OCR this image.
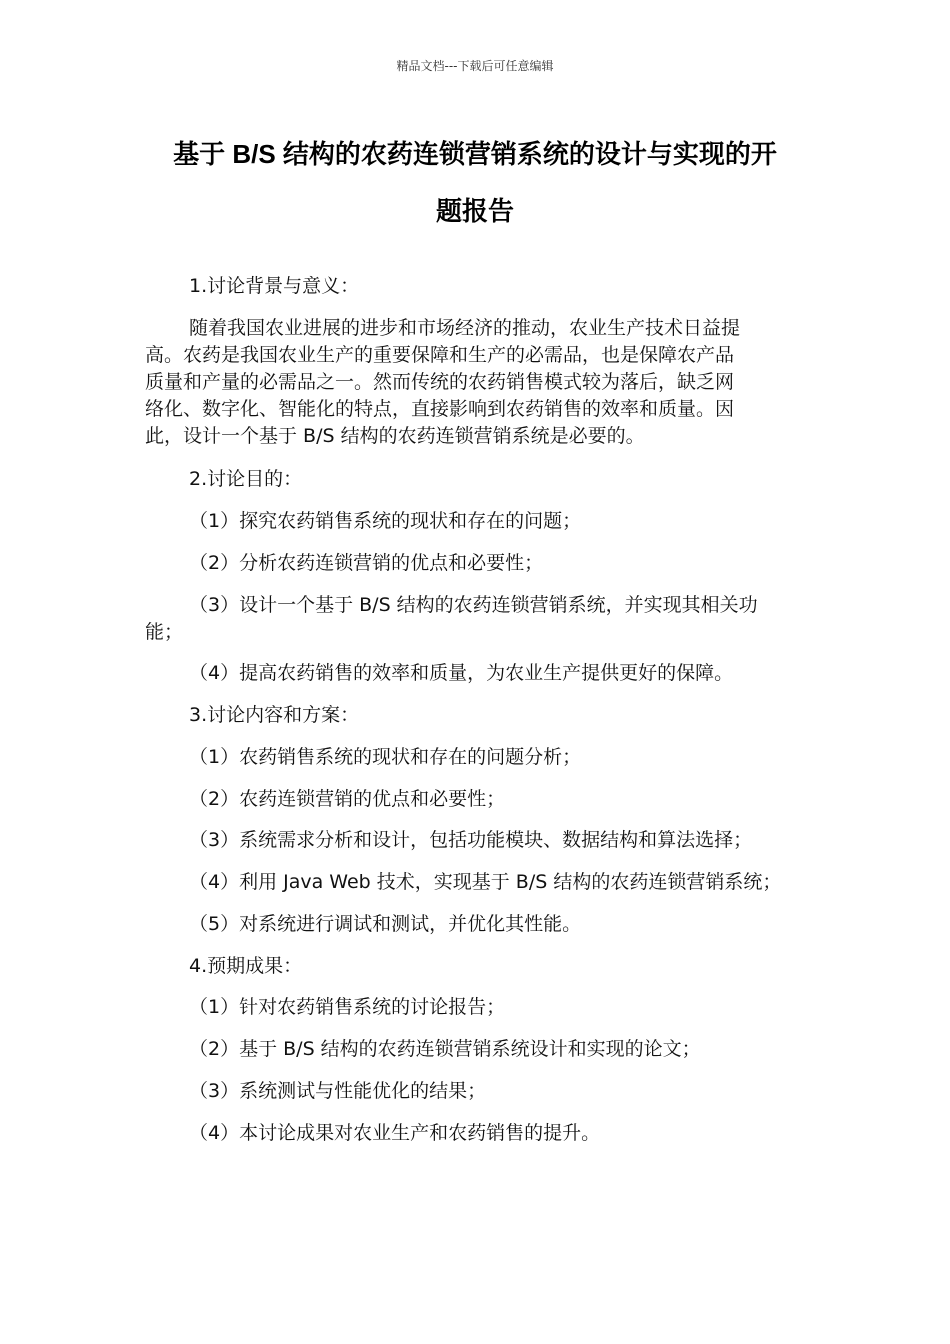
精品文档---下载后可任意编辑
基于 B/S 结构的农药连锁营销系统的设计与实现的开
题报告
1.讨论背景与意义：
随着我国农业进展的进步和市场经济的推动，农业生产技术日益提
高。农药是我国农业生产的重要保障和生产的必需品，也是保障农产品
质量和产量的必需品之一。然而传统的农药销售模式较为落后，缺乏网
络化、数字化、智能化的特点，直接影响到农药销售的效率和质量。因
此，设计一个基于 B/S 结构的农药连锁营销系统是必要的。
2.讨论目的：
（1）探究农药销售系统的现状和存在的问题；
（2）分析农药连锁营销的优点和必要性；
（3）设计一个基于 B/S 结构的农药连锁营销系统，并实现其相关功
能；
（4）提高农药销售的效率和质量，为农业生产提供更好的保障。
3.讨论内容和方案：
（1）农药销售系统的现状和存在的问题分析；
（2）农药连锁营销的优点和必要性；
（3）系统需求分析和设计，包括功能模块、数据结构和算法选择；
（4）利用 Java Web 技术，实现基于 B/S 结构的农药连锁营销系统；
（5）对系统进行调试和测试，并优化其性能。
4.预期成果：
（1）针对农药销售系统的讨论报告；
（2）基于 B/S 结构的农药连锁营销系统设计和实现的论文；
（3）系统测试与性能优化的结果；
（4）本讨论成果对农业生产和农药销售的提升。
